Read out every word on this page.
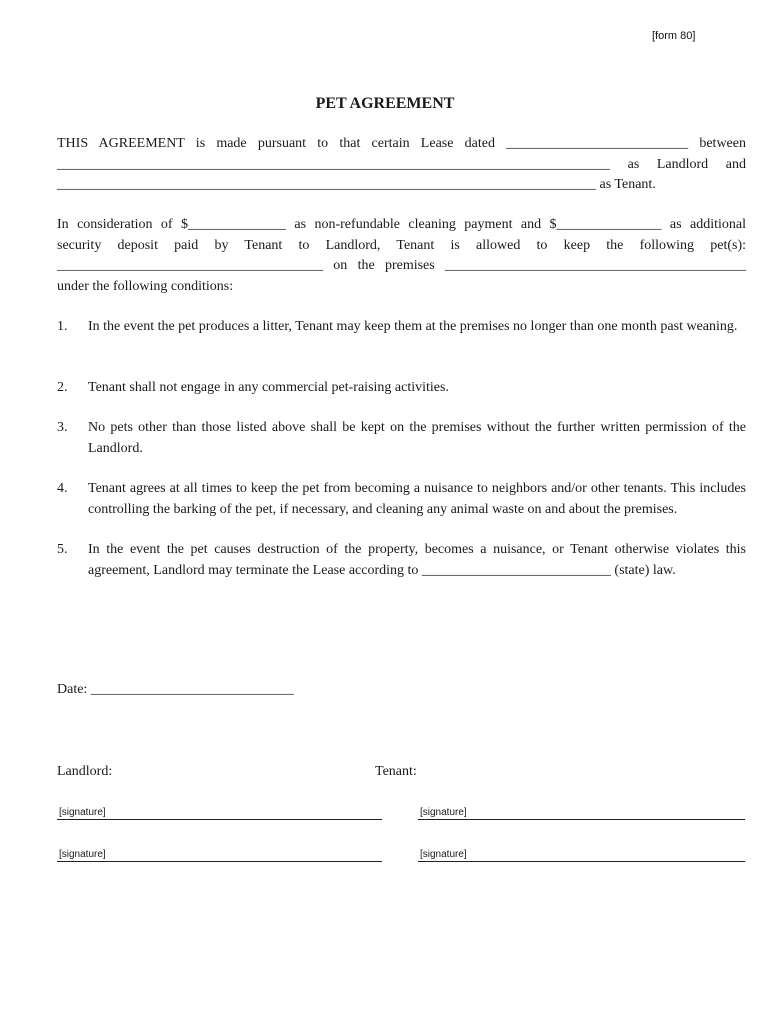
[form 80]
PET AGREEMENT
THIS AGREEMENT is made pursuant to that certain Lease dated __________________________ between
_______________________________________________________________________________ as Landlord and
_____________________________________________________________________________ as Tenant.
In consideration of $______________ as non-refundable cleaning payment and $_______________ as additional
security deposit paid by Tenant to Landlord, Tenant is allowed to keep the following pet(s):
______________________________________ on the premises ___________________________________________
under the following conditions:
1. In the event the pet produces a litter, Tenant may keep them at the premises no longer than one month past weaning.
2. Tenant shall not engage in any commercial pet-raising activities.
3. No pets other than those listed above shall be kept on the premises without the further written permission of the Landlord.
4. Tenant agrees at all times to keep the pet from becoming a nuisance to neighbors and/or other tenants. This includes controlling the barking of the pet, if necessary, and cleaning any animal waste on and about the premises.
5. In the event the pet causes destruction of the property, becomes a nuisance, or Tenant otherwise violates this agreement, Landlord may terminate the Lease according to ___________________________ (state) law.
Date: _____________________________
Landlord:	Tenant:
[signature]	[signature]
[signature]	[signature]
